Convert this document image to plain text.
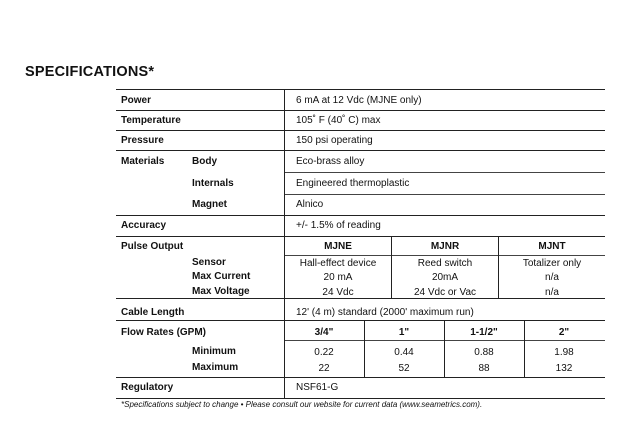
SPECIFICATIONS*
Power	6 mA at 12 Vdc (MJNE only)
Temperature	105˚ F (40˚ C) max
Pressure	150 psi operating
Materials	Body	Eco-brass alloy
Internals	Engineered thermoplastic
Magnet	Alnico
Accuracy	+/- 1.5% of reading
Pulse Output	MJNE	MJNR	MJNT
Sensor	Hall-effect device	Reed switch	Totalizer only
Max Current	20 mA	20mA	n/a
Max Voltage	24 Vdc	24 Vdc or Vac	n/a
Cable Length	12' (4 m) standard (2000' maximum run)
Flow Rates (GPM)	3/4"	1"	1-1/2"	2"
Minimum	0.22	0.44	0.88	1.98
Maximum	22	52	88	132
Regulatory	NSF61-G
*Specifications subject to change • Please consult our website for current data (www.seametrics.com).
